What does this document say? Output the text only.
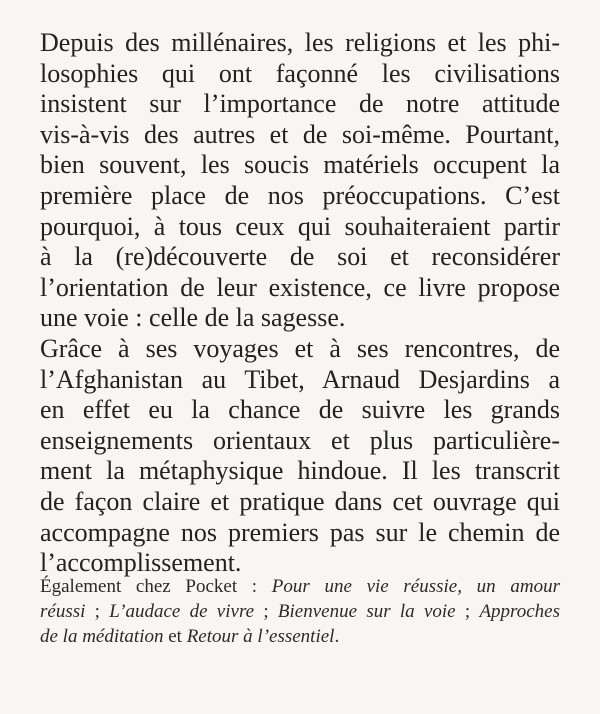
Depuis des millénaires, les religions et les phi-
losophies qui ont façonné les civilisations
insistent sur l’importance de notre attitude
vis-à-vis des autres et de soi-même. Pourtant,
bien souvent, les soucis matériels occupent la
première place de nos préoccupations. C’est
pourquoi, à tous ceux qui souhaiteraient partir
à la (re)découverte de soi et reconsidérer
l’orientation de leur existence, ce livre propose
une voie : celle de la sagesse.
Grâce à ses voyages et à ses rencontres, de
l’Afghanistan au Tibet, Arnaud Desjardins a
en effet eu la chance de suivre les grands
enseignements orientaux et plus particulière-
ment la métaphysique hindoue. Il les transcrit
de façon claire et pratique dans cet ouvrage qui
accompagne nos premiers pas sur le chemin de
l’accomplissement.
Également chez Pocket : Pour une vie réussie, un amour
réussi ; L’audace de vivre ; Bienvenue sur la voie ; Approches
de la méditation et Retour à l’essentiel.
